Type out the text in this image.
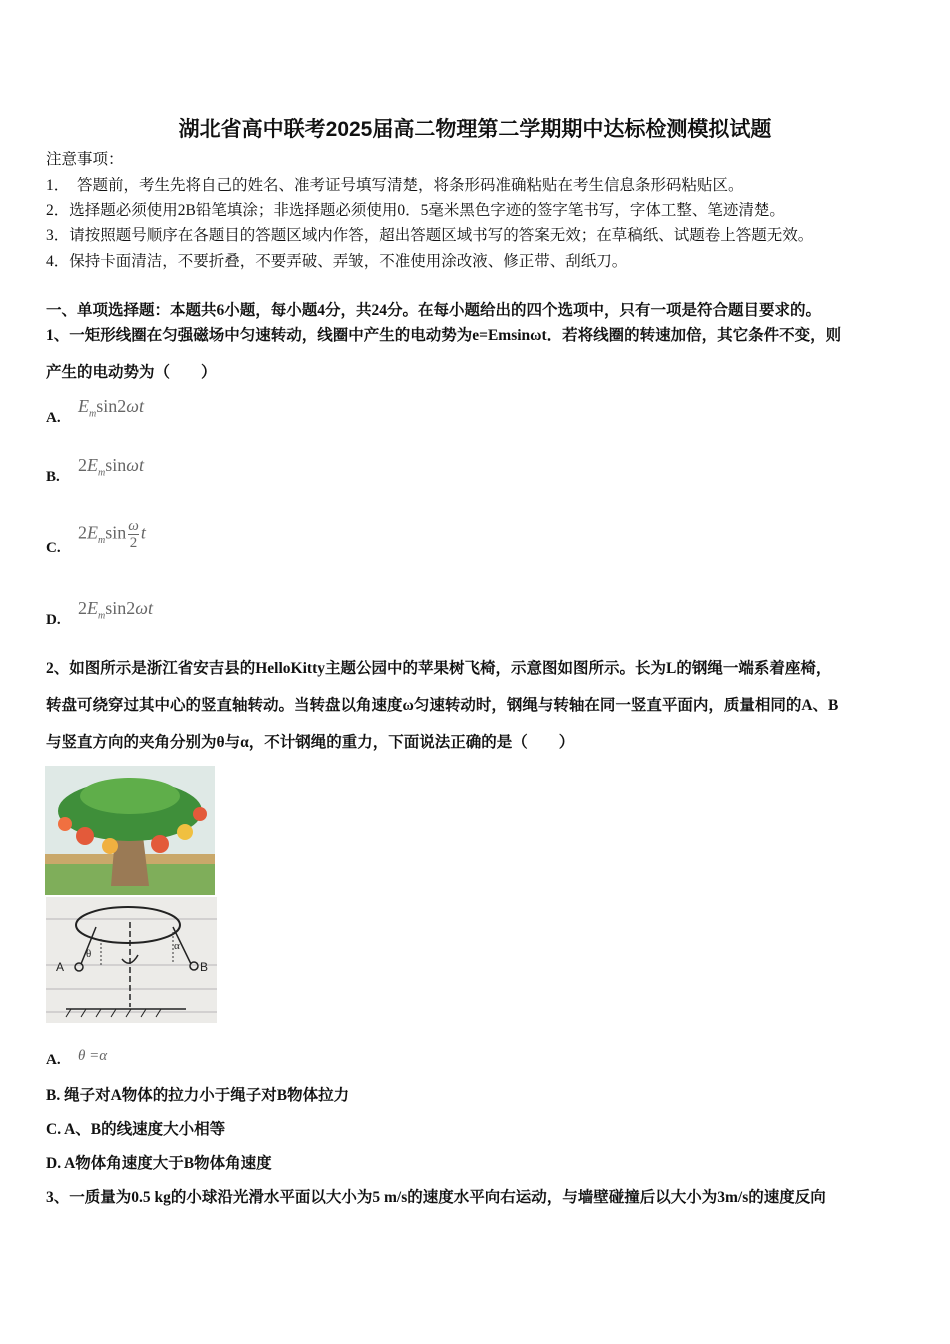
湖北省高中联考2025届高二物理第二学期期中达标检测模拟试题
注意事项：
1．　答题前，考生先将自己的姓名、准考证号填写清楚，将条形码准确粘贴在考生信息条形码粘贴区。
2．选择题必须使用2B铅笔填涂；非选择题必须使用0．5毫米黑色字迹的签字笔书写，字体工整、笔迹清楚。
3．请按照题号顺序在各题目的答题区域内作答，超出答题区域书写的答案无效；在草稿纸、试题卷上答题无效。
4．保持卡面清洁，不要折叠，不要弄破、弄皱，不准使用涂改液、修正带、刮纸刀。
一、单项选择题：本题共6小题，每小题4分，共24分。在每小题给出的四个选项中，只有一项是符合题目要求的。
1、一矩形线圈在匀强磁场中匀速转动，线圈中产生的电动势为e=Emsinωt．若将线圈的转速加倍，其它条件不变，则
产生的电动势为（　　）
A.
$E_m\sin 2\omega t$
B.
$2E_m\sin\omega t$
C.
$2E_m\sin \frac{\omega}{2}$ t
D.
$2E_m\sin 2\omega t$
2、如图所示是浙江省安吉县的HelloKitty主题公园中的苹果树飞椅，示意图如图所示。长为L的钢绳一端系着座椅，
转盘可绕穿过其中心的竖直轴转动。当转盘以角速度ω匀速转动时，钢绳与转轴在同一竖直平面内，质量相同的A、B
与竖直方向的夹角分别为θ与α，不计钢绳的重力，下面说法正确的是（　　）
A	B
θ
α
A. θ =α
B. 绳子对A物体的拉力小于绳子对B物体拉力
C. A、B的线速度大小相等
D. A物体角速度大于B物体角速度
3、一质量为0.5 kg的小球沿光滑水平面以大小为5 m/s的速度水平向右运动，与墙壁碰撞后以大小为3m/s的速度反向
